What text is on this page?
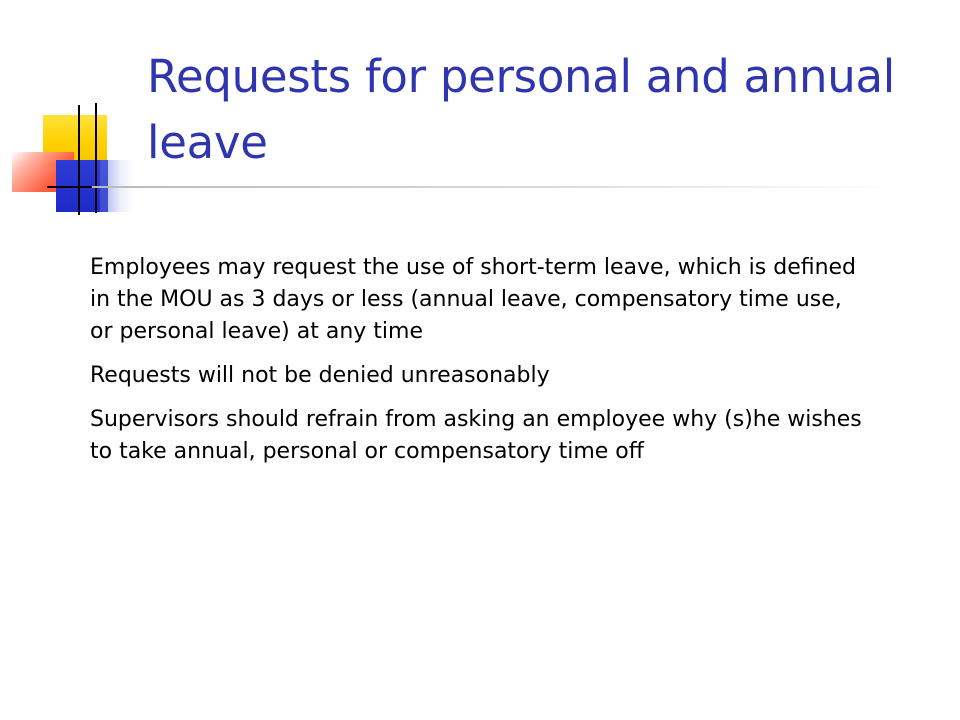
Requests for personal and annual leave

Employees may request the use of short-term leave, which is defined in the MOU as 3 days or less (annual leave, compensatory time use, or personal leave) at any time

Requests will not be denied unreasonably

Supervisors should refrain from asking an employee why (s)he wishes to take annual, personal or compensatory time off
